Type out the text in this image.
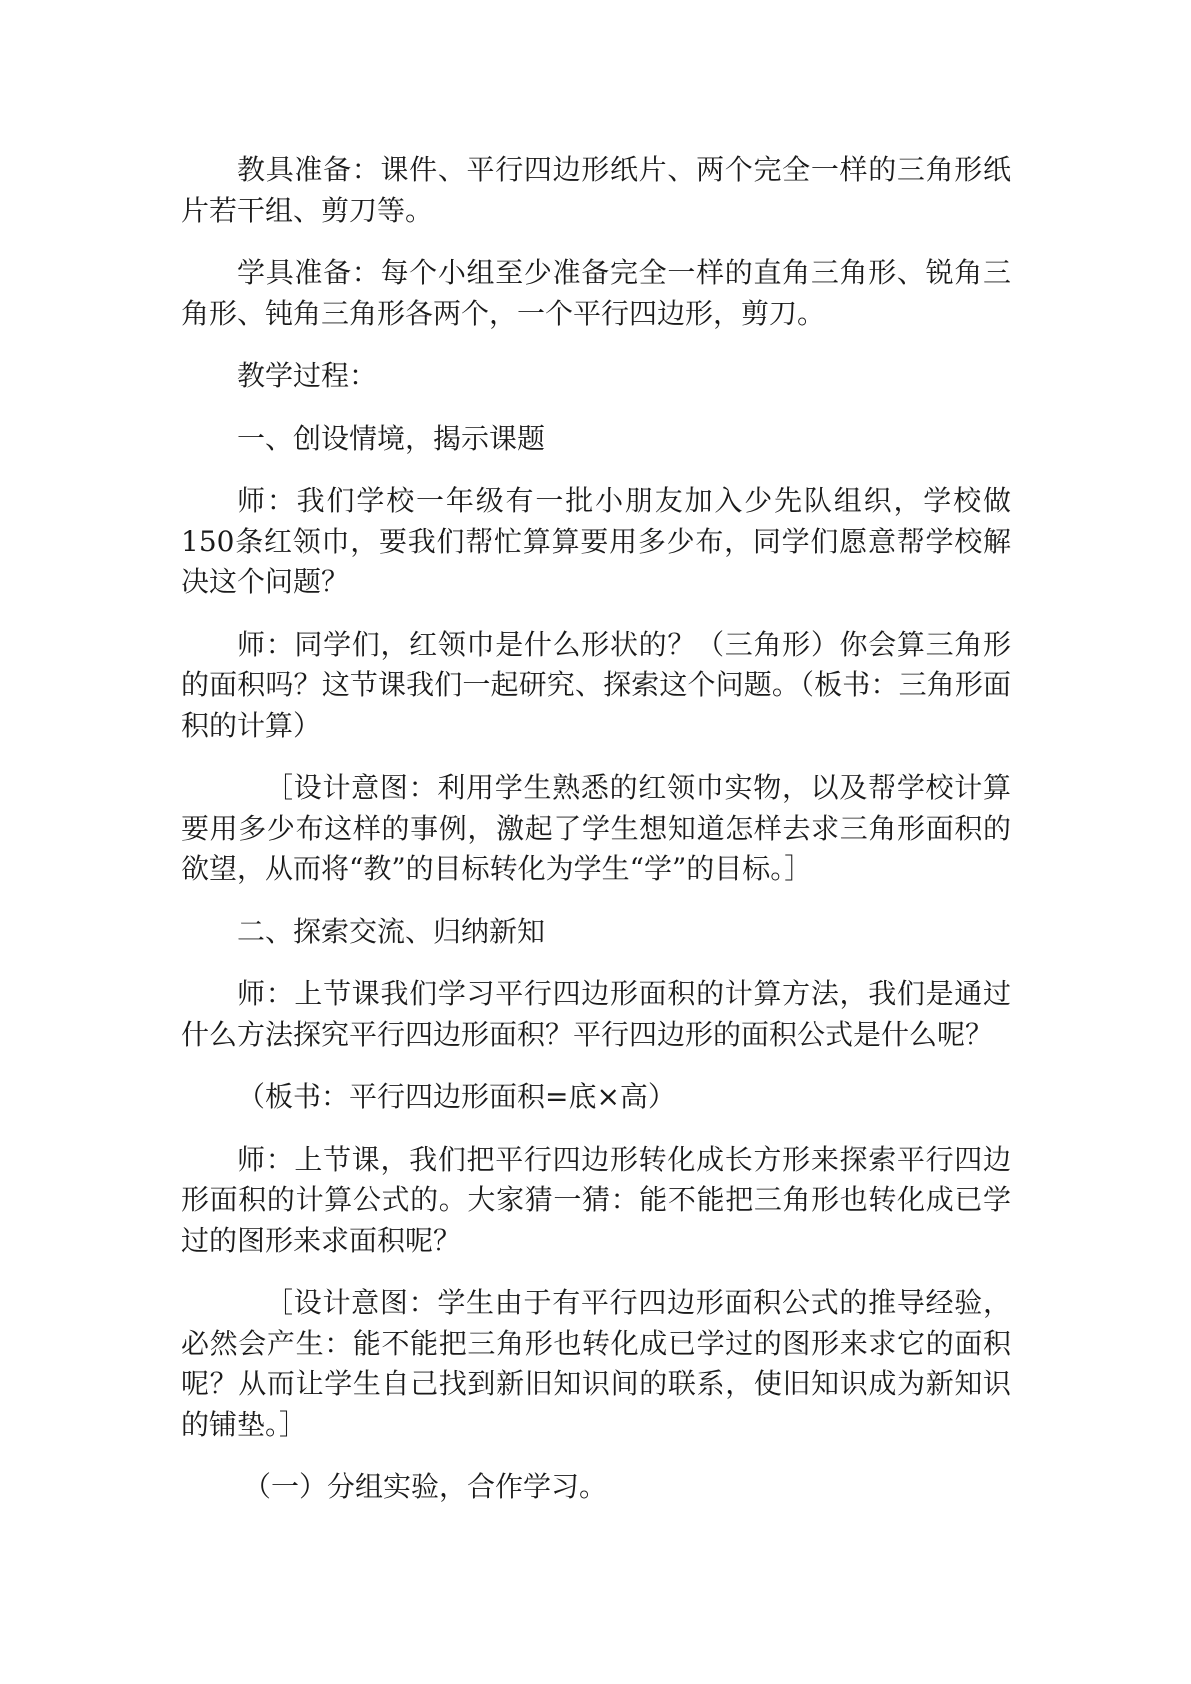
教具准备：课件、平行四边形纸片、两个完全一样的三角形纸片若干组、剪刀等。

学具准备：每个小组至少准备完全一样的直角三角形、锐角三角形、钝角三角形各两个，一个平行四边形，剪刀。

教学过程：

一、创设情境，揭示课题

师：我们学校一年级有一批小朋友加入少先队组织，学校做150条红领巾，要我们帮忙算算要用多少布，同学们愿意帮学校解决这个问题？

师：同学们，红领巾是什么形状的？（三角形）你会算三角形的面积吗？这节课我们一起研究、探索这个问题。（板书：三角形面积的计算）

［设计意图：利用学生熟悉的红领巾实物，以及帮学校计算要用多少布这样的事例，激起了学生想知道怎样去求三角形面积的欲望，从而将“教”的目标转化为学生“学”的目标。］

二、探索交流、归纳新知

师：上节课我们学习平行四边形面积的计算方法，我们是通过什么方法探究平行四边形面积？平行四边形的面积公式是什么呢？

（板书：平行四边形面积=底×高）

师：上节课，我们把平行四边形转化成长方形来探索平行四边形面积的计算公式的。大家猜一猜：能不能把三角形也转化成已学过的图形来求面积呢？

［设计意图：学生由于有平行四边形面积公式的推导经验，必然会产生：能不能把三角形也转化成已学过的图形来求它的面积呢？从而让学生自己找到新旧知识间的联系，使旧知识成为新知识的铺垫。］

（一）分组实验，合作学习。
